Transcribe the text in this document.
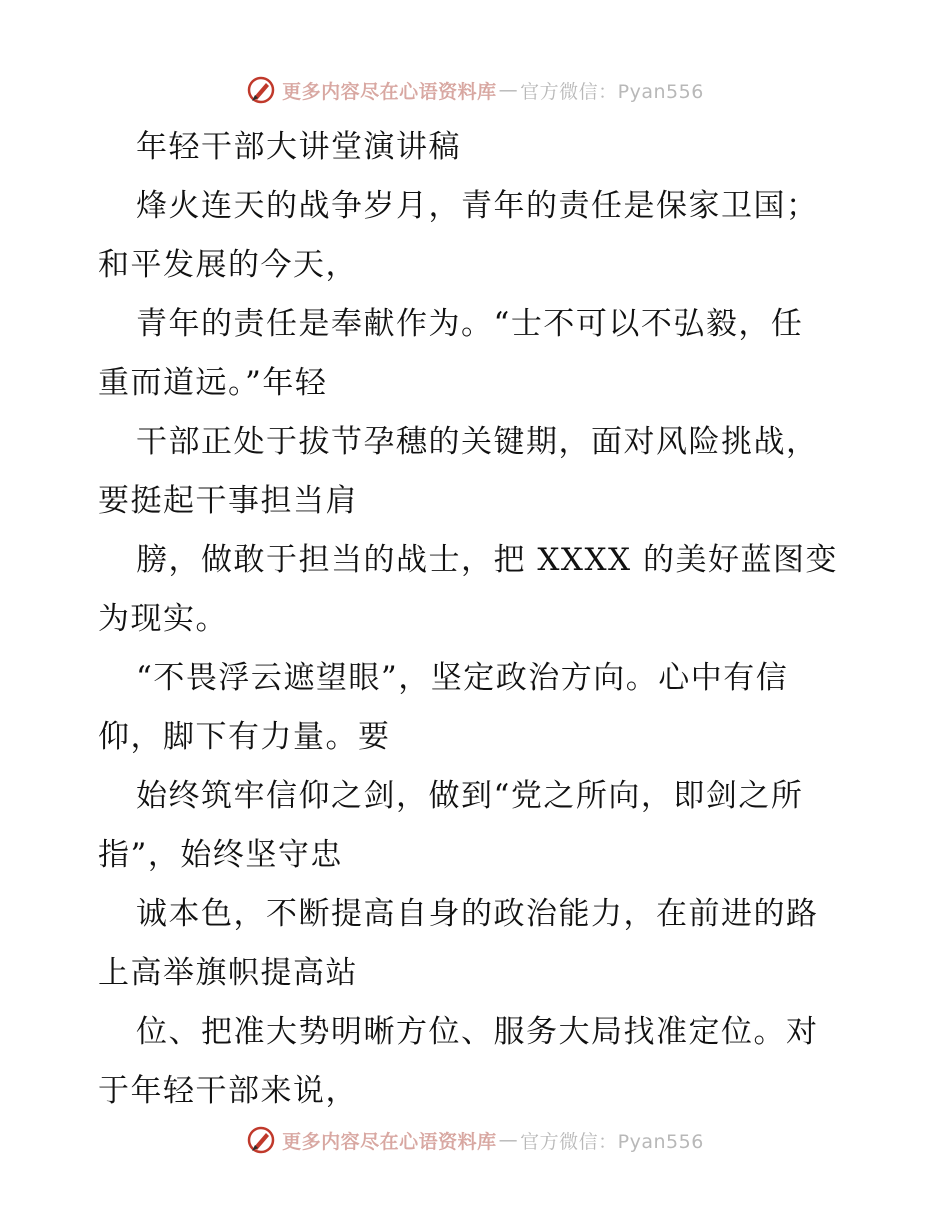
更多内容尽在心语资料库 — 官方微信：Pyan556
年轻干部大讲堂演讲稿
烽火连天的战争岁月，青年的责任是保家卫国；
和平发展的今天，
青年的责任是奉献作为。“士不可以不弘毅，任
重而道远。”年轻
干部正处于拔节孕穗的关键期，面对风险挑战，
要挺起干事担当肩
膀，做敢于担当的战士，把 XXXX 的美好蓝图变
为现实。
“不畏浮云遮望眼”，坚定政治方向。心中有信
仰，脚下有力量。要
始终筑牢信仰之剑，做到“党之所向，即剑之所
指”，始终坚守忠
诚本色，不断提高自身的政治能力，在前进的路
上高举旗帜提高站
位、把准大势明晰方位、服务大局找准定位。对
于年轻干部来说，
更多内容尽在心语资料库 — 官方微信：Pyan556
